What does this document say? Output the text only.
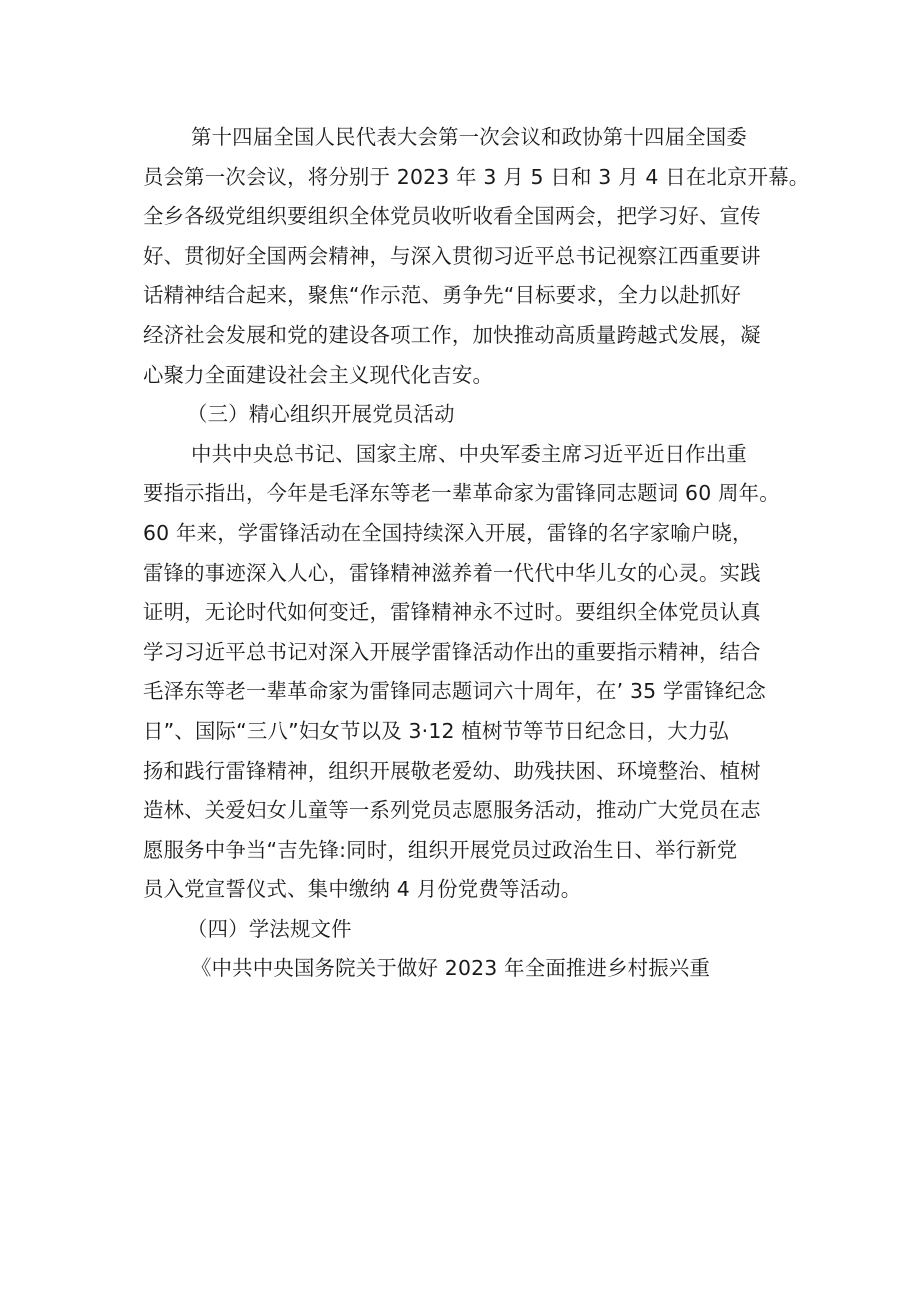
第十四届全国人民代表大会第一次会议和政协第十四届全国委
员会第一次会议，将分别于 2023 年 3 月 5 日和 3 月 4 日在北京开幕。
全乡各级党组织要组织全体党员收听收看全国两会，把学习好、宣传
好、贯彻好全国两会精神，与深入贯彻习近平总书记视察江西重要讲
话精神结合起来，聚焦“作示范、勇争先“目标要求，全力以赴抓好
经济社会发展和党的建设各项工作，加快推动高质量跨越式发展，凝
心聚力全面建设社会主义现代化吉安。
（三）精心组织开展党员活动
中共中央总书记、国家主席、中央军委主席习近平近日作出重
要指示指出，今年是毛泽东等老一辈革命家为雷锋同志题词 60 周年。
60 年来，学雷锋活动在全国持续深入开展，雷锋的名字家喻户晓，
雷锋的事迹深入人心，雷锋精神滋养着一代代中华儿女的心灵。实践
证明，无论时代如何变迁，雷锋精神永不过时。要组织全体党员认真
学习习近平总书记对深入开展学雷锋活动作出的重要指示精神，结合
毛泽东等老一辈革命家为雷锋同志题词六十周年，在’ 35 学雷锋纪念
日”、国际“三八”妇女节以及 3·12 植树节等节日纪念日，大力弘
扬和践行雷锋精神，组织开展敬老爱幼、助残扶困、环境整治、植树
造林、关爱妇女儿童等一系列党员志愿服务活动，推动广大党员在志
愿服务中争当“吉先锋:同时，组织开展党员过政治生日、举行新党
员入党宣誓仪式、集中缴纳 4 月份党费等活动。
（四）学法规文件
《中共中央国务院关于做好 2023 年全面推进乡村振兴重
